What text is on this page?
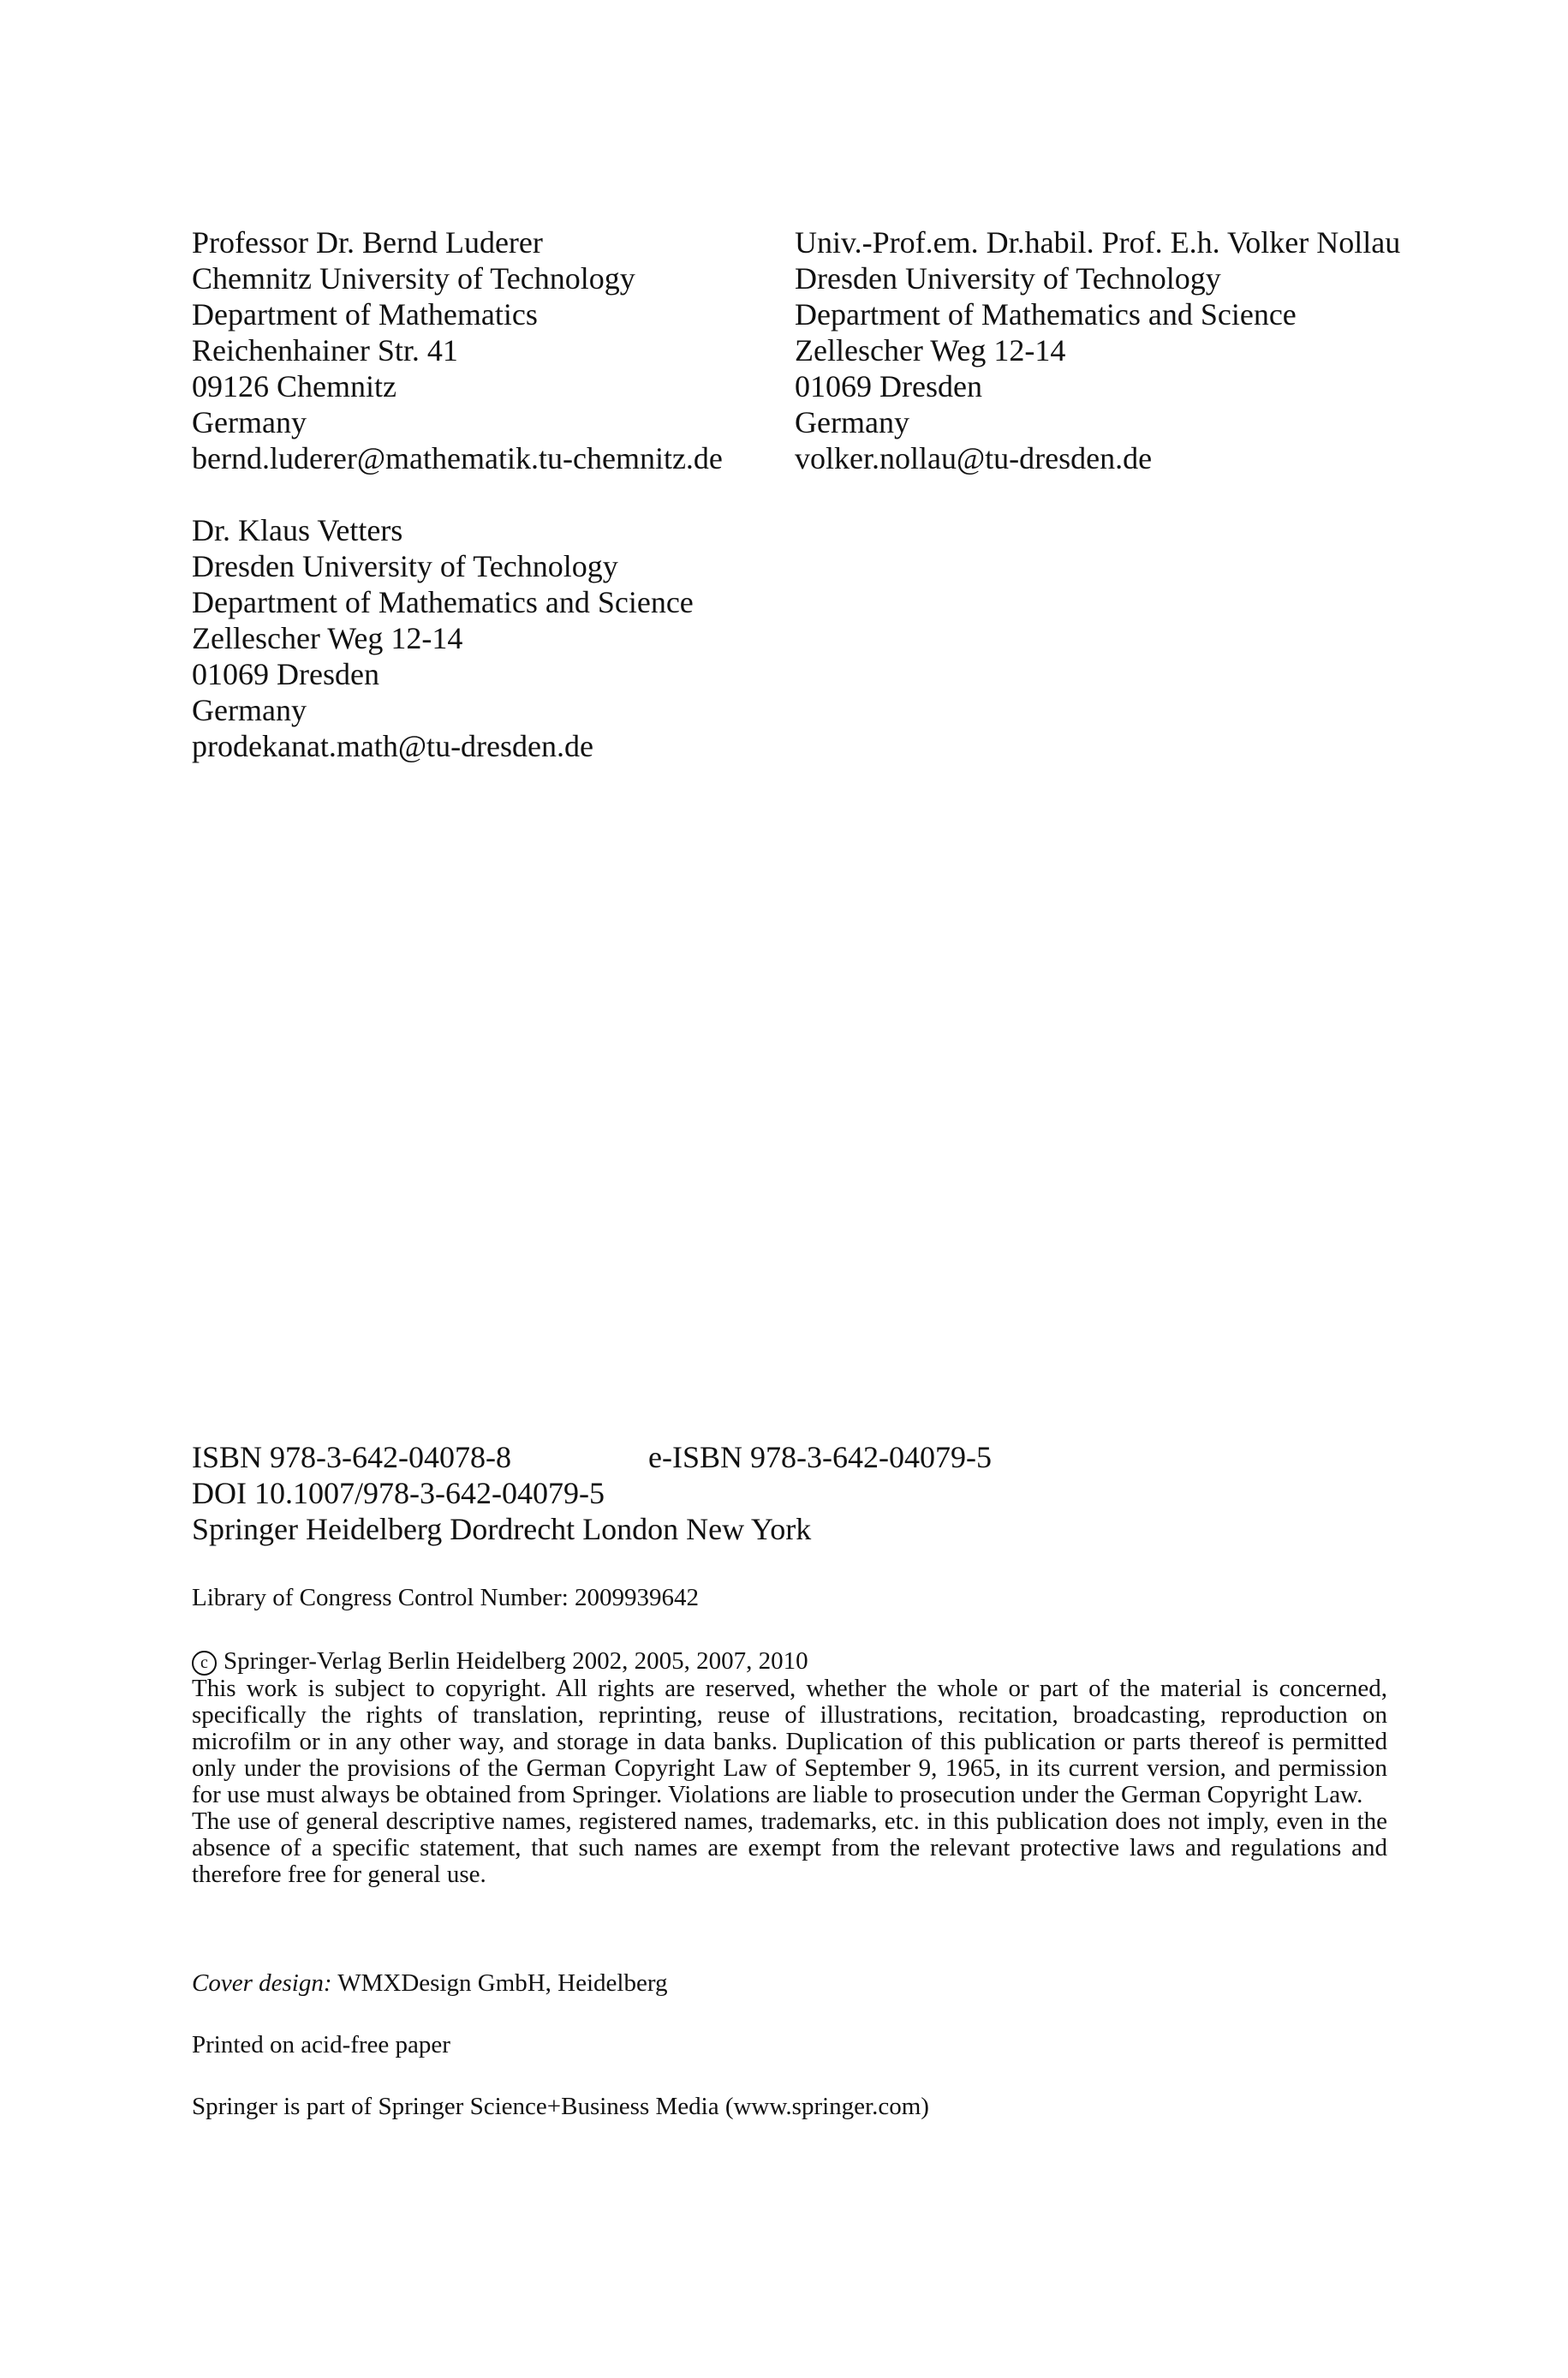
Professor Dr. Bernd Luderer
Chemnitz University of Technology
Department of Mathematics
Reichenhainer Str. 41
09126 Chemnitz
Germany
bernd.luderer@mathematik.tu-chemnitz.de
Univ.-Prof.em. Dr.habil. Prof. E.h. Volker Nollau
Dresden University of Technology
Department of Mathematics and Science
Zellescher Weg 12-14
01069 Dresden
Germany
volker.nollau@tu-dresden.de
Dr. Klaus Vetters
Dresden University of Technology
Department of Mathematics and Science
Zellescher Weg 12-14
01069 Dresden
Germany
prodekanat.math@tu-dresden.de
ISBN 978-3-642-04078-8	e-ISBN 978-3-642-04079-5
DOI 10.1007/978-3-642-04079-5
Springer Heidelberg Dordrecht London New York
Library of Congress Control Number: 2009939642

c Springer-Verlag Berlin Heidelberg 2002, 2005, 2007, 2010

This work is subject to copyright. All rights are reserved, whether the whole or part of the material is concerned, specifically the rights of translation, reprinting, reuse of illustrations, recitation, broadcasting, reproduction on microfilm or in any other way, and storage in data banks. Duplication of this publication or parts thereof is permitted only under the provisions of the German Copyright Law of September 9, 1965, in its current version, and permission for use must always be obtained from Springer. Violations are liable to prosecution under the German Copyright Law.

The use of general descriptive names, registered names, trademarks, etc. in this publication does not imply, even in the absence of a specific statement, that such names are exempt from the relevant protective laws and regulations and therefore free for general use.

Cover design: WMXDesign GmbH, Heidelberg
Printed on acid-free paper
Springer is part of Springer Science+Business Media (www.springer.com)
